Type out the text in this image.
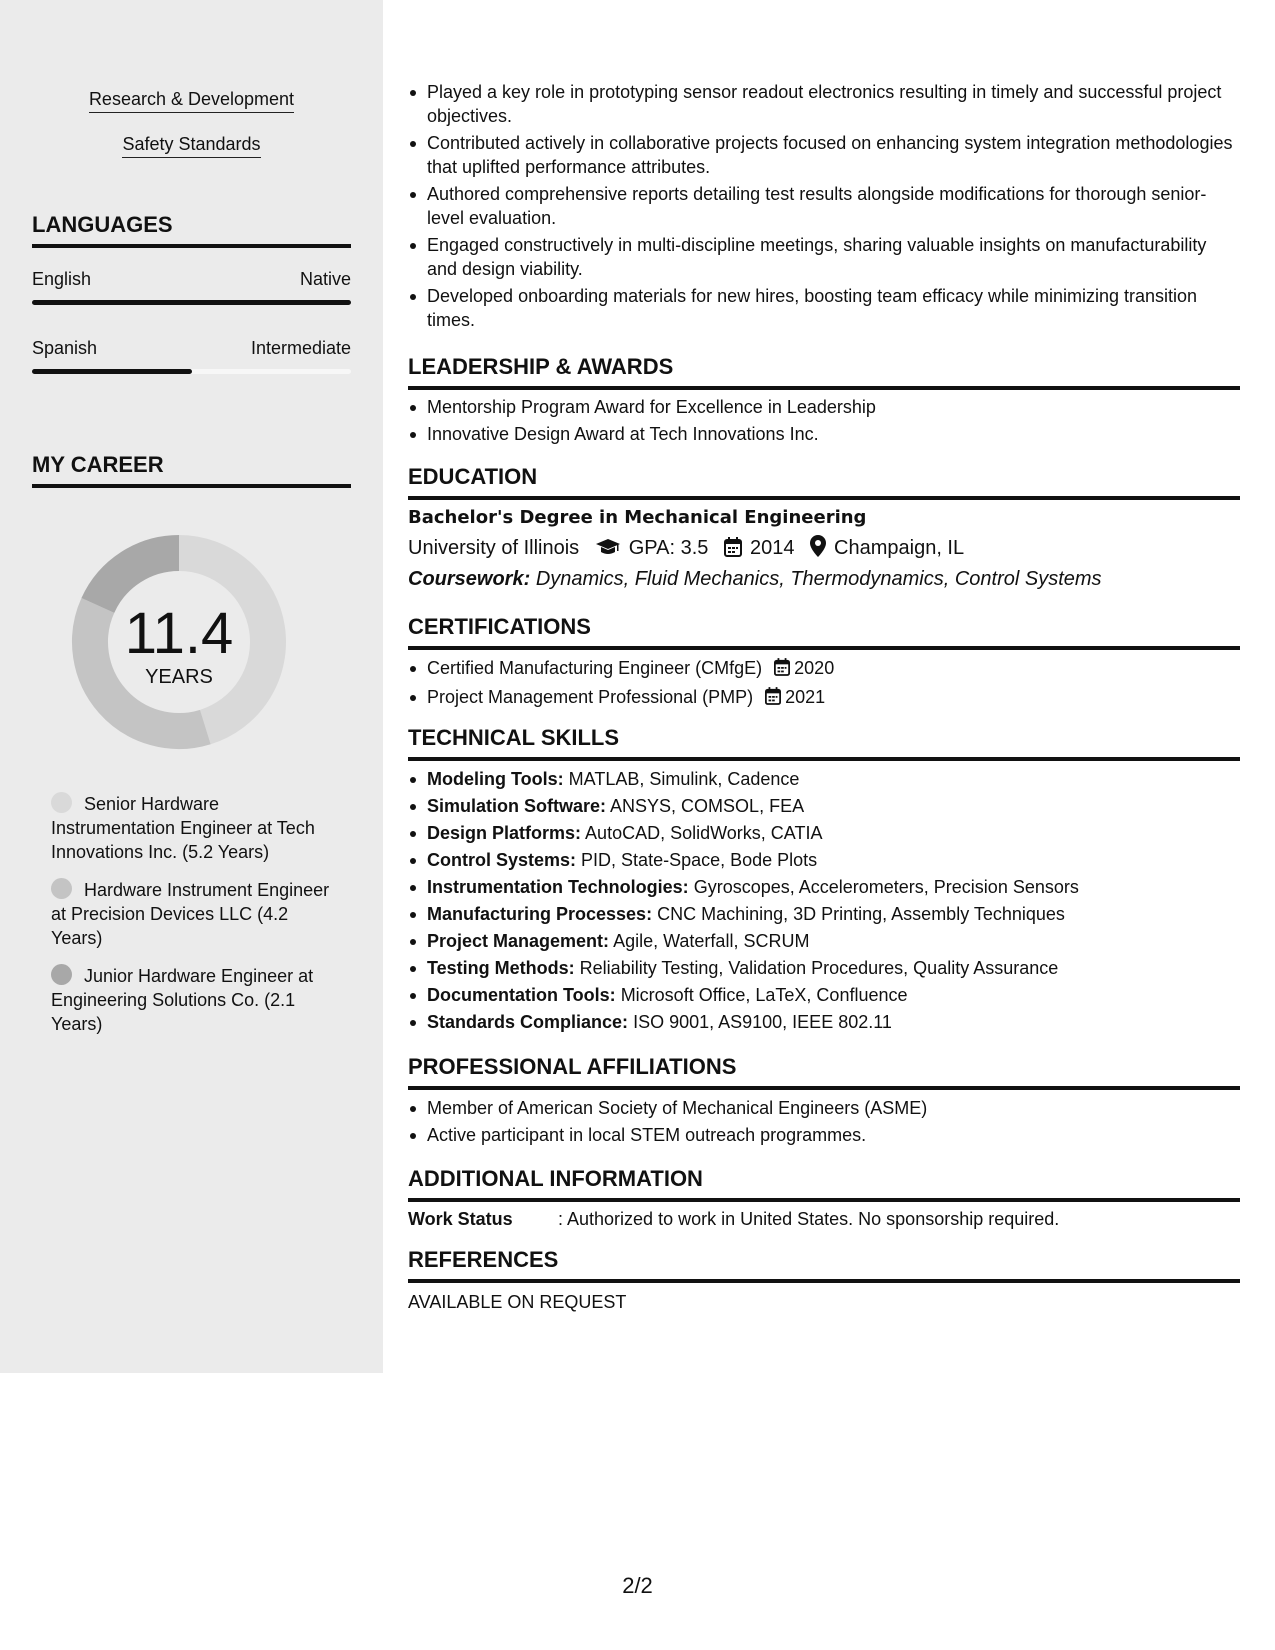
Research & Development
Safety Standards
LANGUAGES
English	Native
Spanish	Intermediate
MY CAREER
11.4
YEARS
Senior Hardware Instrumentation Engineer at Tech Innovations Inc. (5.2 Years)
Hardware Instrument Engineer at Precision Devices LLC (4.2 Years)
Junior Hardware Engineer at Engineering Solutions Co. (2.1 Years)
Played a key role in prototyping sensor readout electronics resulting in timely and successful project objectives.
Contributed actively in collaborative projects focused on enhancing system integration methodologies that uplifted performance attributes.
Authored comprehensive reports detailing test results alongside modifications for thorough senior-level evaluation.
Engaged constructively in multi-discipline meetings, sharing valuable insights on manufacturability and design viability.
Developed onboarding materials for new hires, boosting team efficacy while minimizing transition times.
LEADERSHIP & AWARDS
Mentorship Program Award for Excellence in Leadership
Innovative Design Award at Tech Innovations Inc.
EDUCATION
Bachelor's Degree in Mechanical Engineering
University of Illinois GPA: 3.5 2014 Champaign, IL
Coursework: Dynamics, Fluid Mechanics, Thermodynamics, Control Systems
CERTIFICATIONS
Certified Manufacturing Engineer (CMfgE) 2020
Project Management Professional (PMP) 2021
TECHNICAL SKILLS
Modeling Tools: MATLAB, Simulink, Cadence
Simulation Software: ANSYS, COMSOL, FEA
Design Platforms: AutoCAD, SolidWorks, CATIA
Control Systems: PID, State-Space, Bode Plots
Instrumentation Technologies: Gyroscopes, Accelerometers, Precision Sensors
Manufacturing Processes: CNC Machining, 3D Printing, Assembly Techniques
Project Management: Agile, Waterfall, SCRUM
Testing Methods: Reliability Testing, Validation Procedures, Quality Assurance
Documentation Tools: Microsoft Office, LaTeX, Confluence
Standards Compliance: ISO 9001, AS9100, IEEE 802.11
PROFESSIONAL AFFILIATIONS
Member of American Society of Mechanical Engineers (ASME)
Active participant in local STEM outreach programmes.
ADDITIONAL INFORMATION
Work Status	: Authorized to work in United States. No sponsorship required.
REFERENCES
AVAILABLE ON REQUEST
2/2
